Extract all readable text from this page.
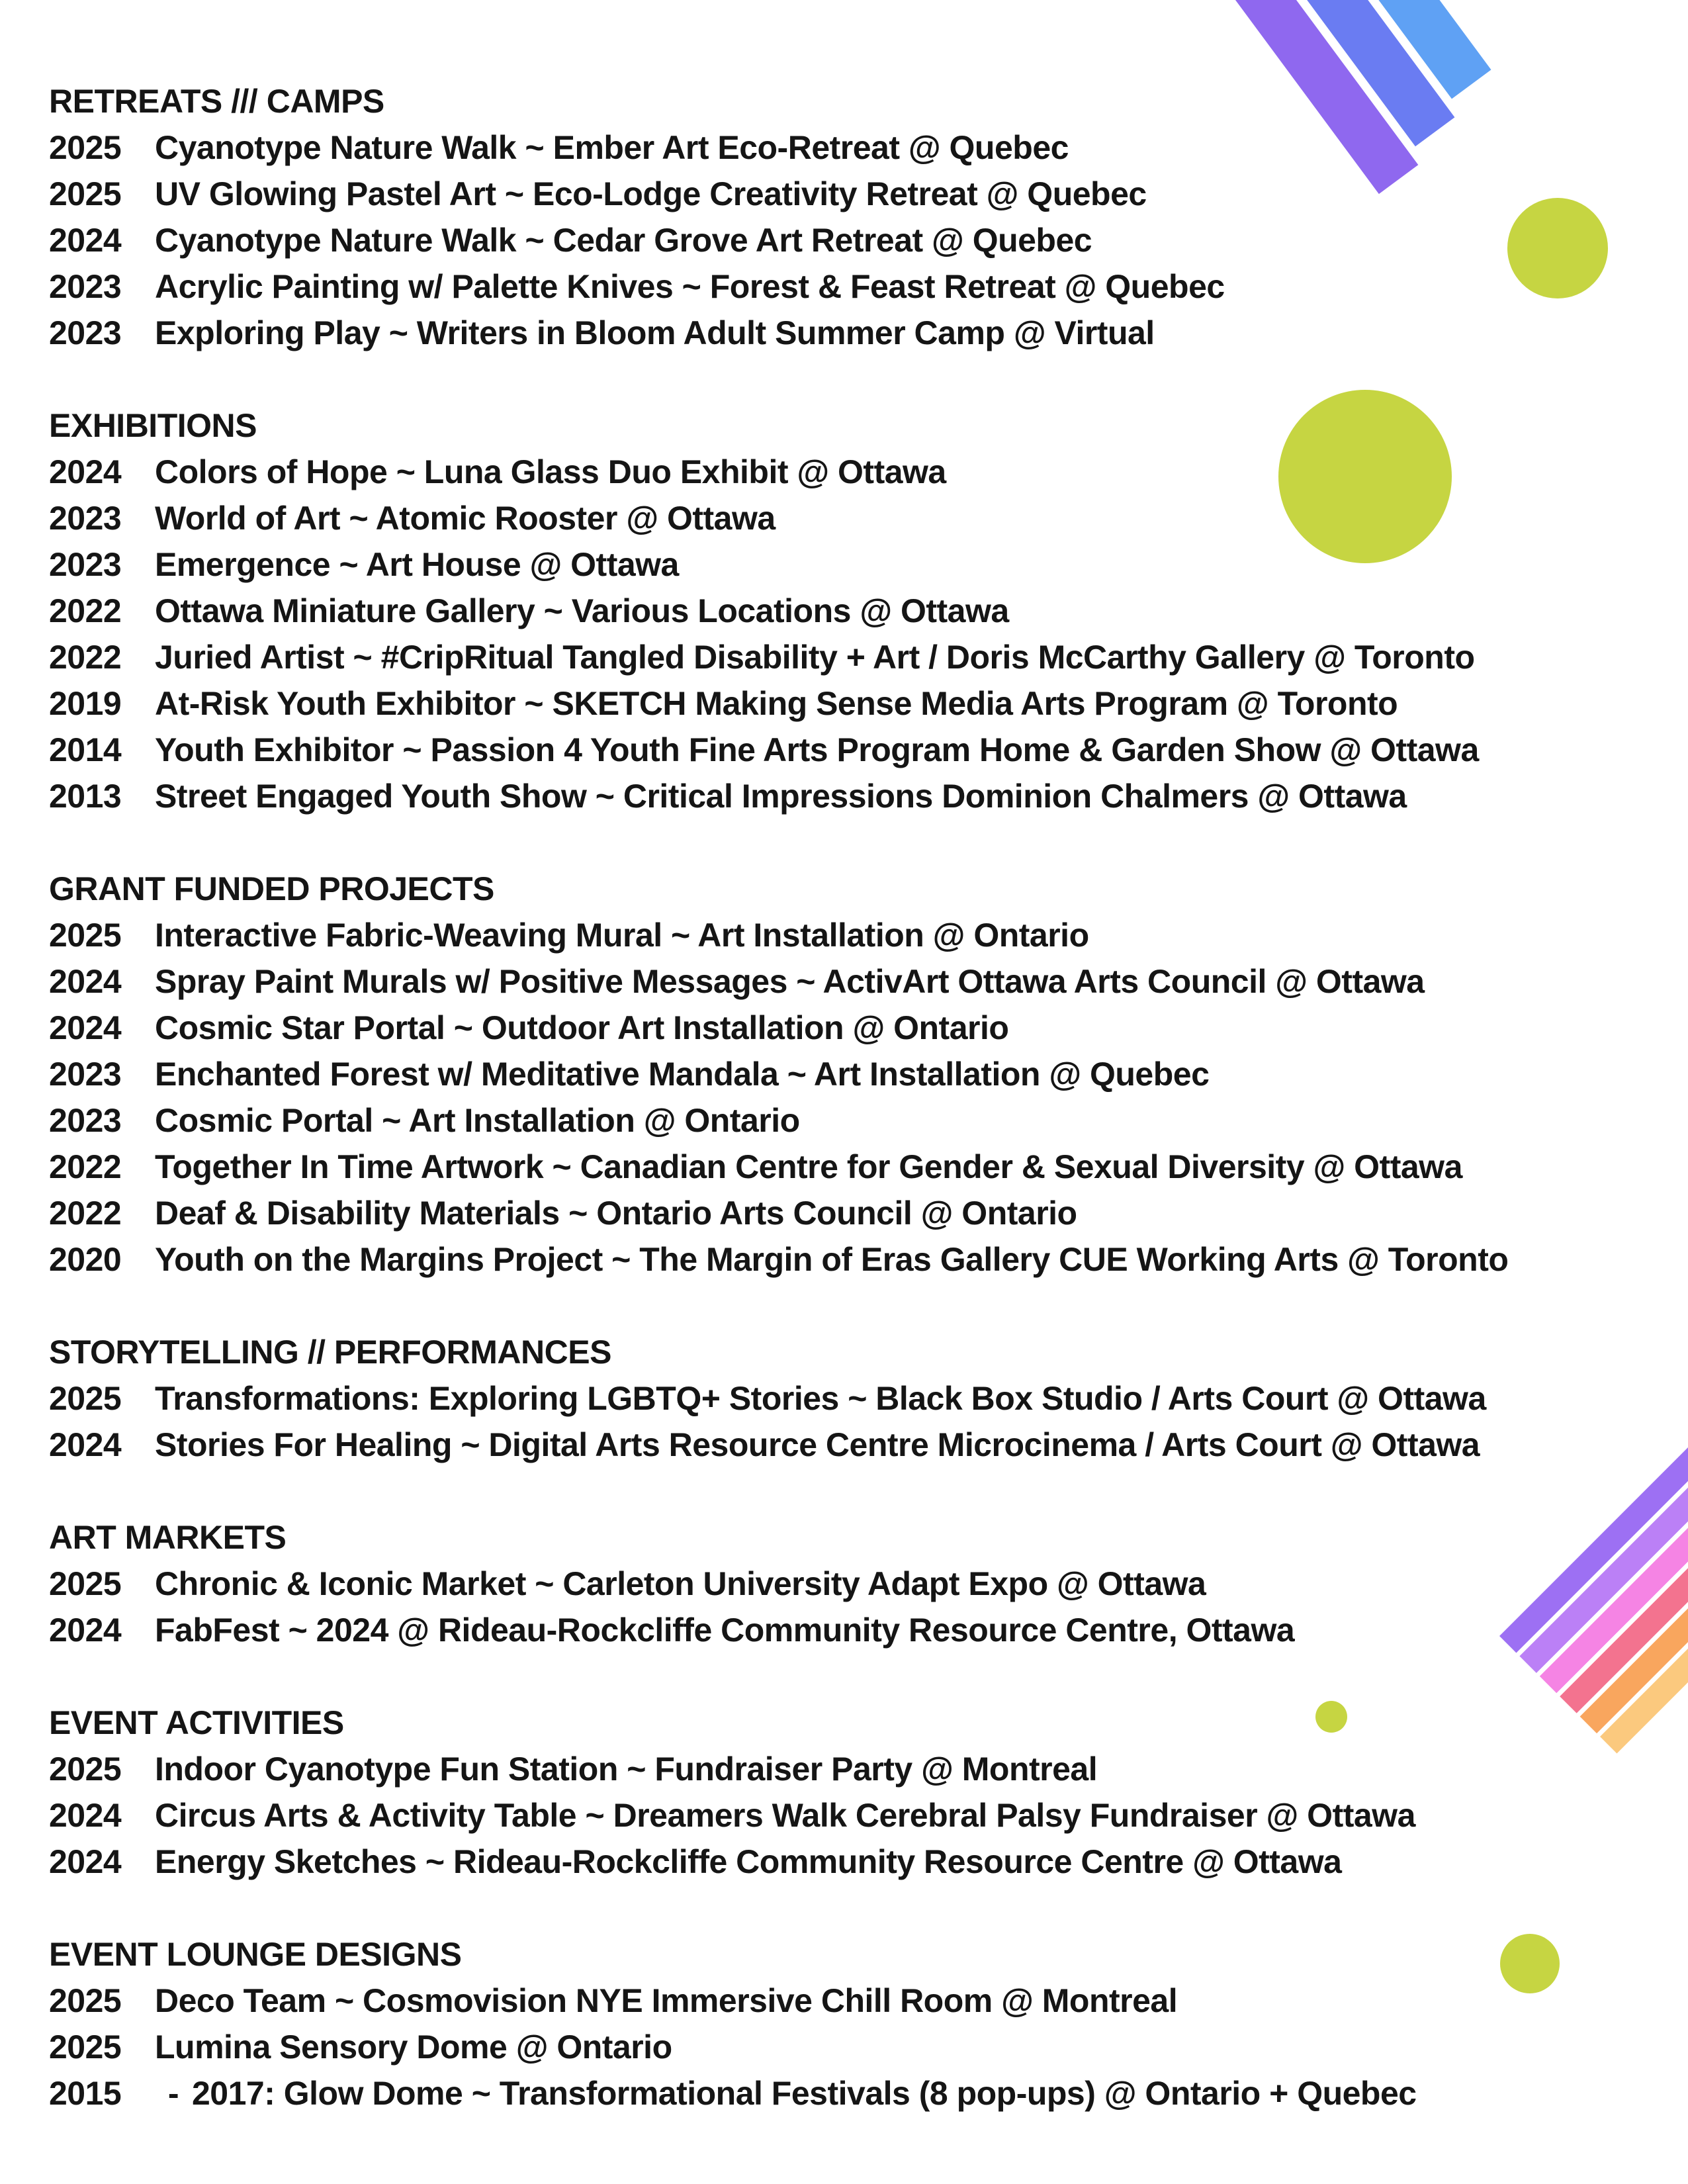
RETREATS /// CAMPS
2025	Cyanotype Nature Walk ~ Ember Art Eco-Retreat @ Quebec
2025	UV Glowing Pastel Art ~ Eco-Lodge Creativity Retreat @ Quebec
2024	Cyanotype Nature Walk ~ Cedar Grove Art Retreat @ Quebec
2023	Acrylic Painting w/ Palette Knives ~ Forest & Feast Retreat @ Quebec
2023	Exploring Play ~ Writers in Bloom Adult Summer Camp @ Virtual
EXHIBITIONS
2024	Colors of Hope ~ Luna Glass Duo Exhibit @ Ottawa
2023	World of Art ~ Atomic Rooster @ Ottawa
2023	Emergence ~ Art House @ Ottawa
2022	Ottawa Miniature Gallery ~ Various Locations @ Ottawa
2022	Juried Artist ~ #CripRitual Tangled Disability + Art / Doris McCarthy Gallery @ Toronto
2019	At-Risk Youth Exhibitor ~ SKETCH Making Sense Media Arts Program @ Toronto
2014	Youth Exhibitor ~ Passion 4 Youth Fine Arts Program Home & Garden Show @ Ottawa
2013	Street Engaged Youth Show ~ Critical Impressions Dominion Chalmers @ Ottawa
GRANT FUNDED PROJECTS
2025	Interactive Fabric-Weaving Mural ~ Art Installation @ Ontario
2024	Spray Paint Murals w/ Positive Messages ~ ActivArt Ottawa Arts Council @ Ottawa
2024	Cosmic Star Portal ~ Outdoor Art Installation @ Ontario
2023	Enchanted Forest w/ Meditative Mandala ~ Art Installation @ Quebec
2023	Cosmic Portal ~ Art Installation @ Ontario
2022	Together In Time Artwork ~ Canadian Centre for Gender & Sexual Diversity @ Ottawa
2022	Deaf & Disability Materials ~ Ontario Arts Council @ Ontario
2020	Youth on the Margins Project ~ The Margin of Eras Gallery CUE Working Arts @ Toronto
STORYTELLING // PERFORMANCES
2025	Transformations: Exploring LGBTQ+ Stories ~ Black Box Studio / Arts Court @ Ottawa
2024	Stories For Healing ~ Digital Arts Resource Centre Microcinema / Arts Court @ Ottawa
ART MARKETS
2025	Chronic & Iconic Market ~ Carleton University Adapt Expo @ Ottawa
2024	FabFest ~ 2024 @ Rideau-Rockcliffe Community Resource Centre, Ottawa
EVENT ACTIVITIES
2025	Indoor Cyanotype Fun Station ~ Fundraiser Party @ Montreal
2024	Circus Arts & Activity Table ~ Dreamers Walk Cerebral Palsy Fundraiser @ Ottawa
2024	Energy Sketches ~ Rideau-Rockcliffe Community Resource Centre @ Ottawa
EVENT LOUNGE DESIGNS
2025	Deco Team ~ Cosmovision NYE Immersive Chill Room @ Montreal
2025	Lumina Sensory Dome @ Ontario
2015	- 2017: Glow Dome ~ Transformational Festivals (8 pop-ups) @ Ontario + Quebec
